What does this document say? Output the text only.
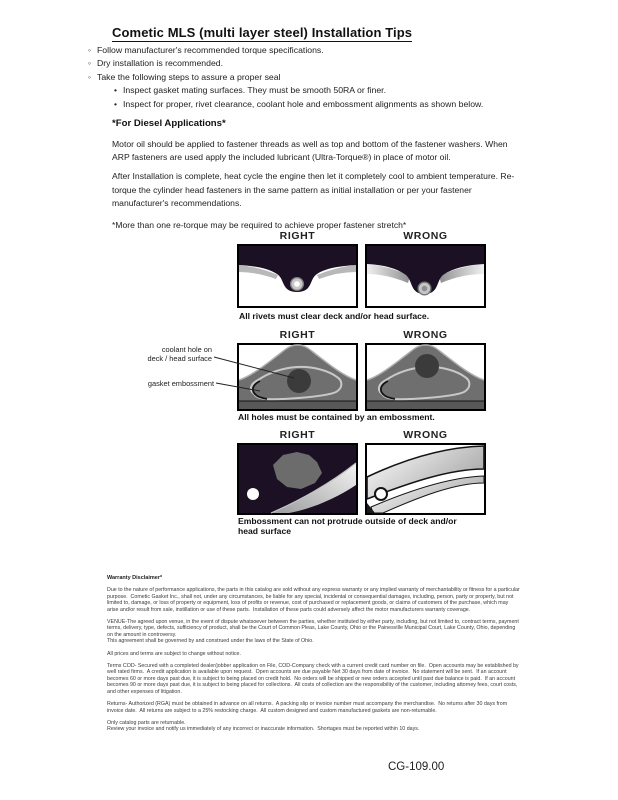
Cometic MLS (multi layer steel) Installation Tips
◦
Follow manufacturer's recommended torque specifications.
◦
Dry installation is recommended.
◦
Take the following steps to assure a proper seal
•
Inspect gasket mating surfaces. They must be smooth 50RA or finer.
•
Inspect for proper, rivet clearance, coolant hole and embossment alignments as shown below.
*For Diesel Applications*

Motor oil should be applied to fastener threads as well as top and bottom of the fastener washers. When ARP fasteners are used apply the included lubricant (Ultra-Torque®) in place of motor oil.

After Installation is complete, heat cycle the engine then let it completely cool to ambient temperature. Re-torque the cylinder head fasteners in the same pattern as initial installation or per your fastener manufacturer's recommendations.

*More than one re-torque may be required to achieve proper fastener stretch*

RIGHT	WRONG

All rivets must clear deck and/or head surface.

RIGHT	WRONG
coolant hole on
deck / head surface
gasket embossment

All holes must be contained by an embossment.

RIGHT	WRONG

Embossment can not protrude outside of deck and/or head surface

Warranty Disclaimer*

Due to the nature of performance applications, the parts in this catalog are sold without any express warranty or any implied warranty of merchantability or fitness for a particular purpose.  Cometic Gasket Inc., shall not, under any circumstances, be liable for any special, incidental or consequential damages, including, person, party or property, but not limited to, damage, or loss of property or equipment, loss of profits or revenue, cost of purchased or replacement goods, or claims of customers of the purchase, which may arise and/or result from sale, instillation or use of these parts.  Installation of these parts could adversely affect the motor manufacturers warranty coverage.

VENUE-The agreed upon venue, in the event of dispute whatsoever between the parties, whether instituted by either party, including, but not limited to, contract terms, payment terms, delivery, type, defects, sufficiency of product, shall be the Court of Common Pleas, Lake County, Ohio or the Painesville Municipal Court, Lake County, Ohio, depending on the amount in controversy.

This agreement shall be governed by and construed under the laws of the State of Ohio.

All prices and terms are subject to change without notice.

Terms COD- Secured with a completed dealer/jobber application on File, COD-Company check with a current credit card number on file.  Open accounts may be established by well rated firms.  A credit application is available upon request.  Open accounts are due payable Net 30 days from date of invoice.  No statement will be sent.  If an account becomes 60 or more days past due, it is subject to being placed on credit hold.  No orders will be shipped or new orders accepted until past due balance is paid.  If an account becomes 90 or more days past due, it is subject to being placed for collections.  All costs of collection are the responsibility of the customer, including attorney fees, court costs, and other expenses of litigation.

Returns- Authorized (RGA) must be obtained in advance on all returns.  A packing slip or invoice number must accompany the merchandise.  No returns after 30 days from invoice date.  All returns are subject to a 25% restocking charge.  All custom designed and custom manufactured gaskets are non-returnable.

Only catalog parts are returnable.

Review your invoice and notify us immediately of any incorrect or inaccurate information.  Shortages must be reported within 10 days.

CG-109.00
